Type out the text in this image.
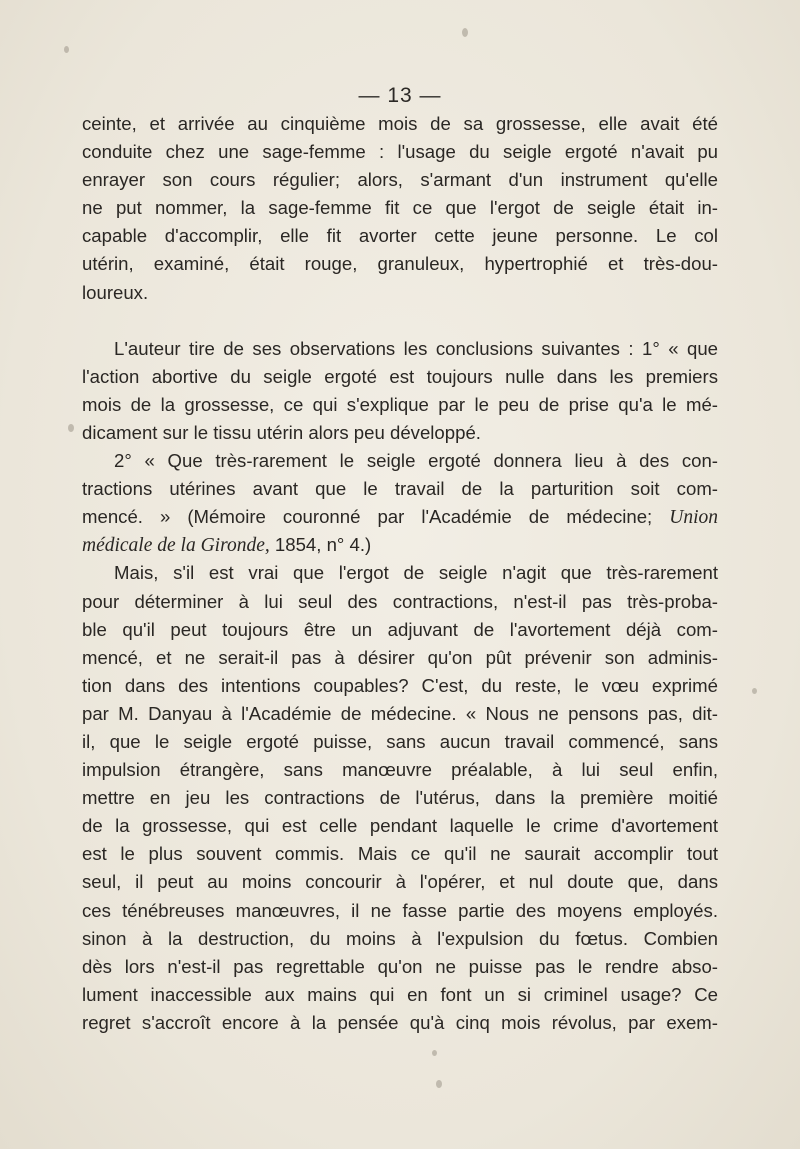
— 13 —
ceinte, et arrivée au cinquième mois de sa grossesse, elle avait été
conduite chez une sage-femme : l'usage du seigle ergoté n'avait pu
enrayer son cours régulier; alors, s'armant d'un instrument qu'elle
ne put nommer, la sage-femme fit ce que l'ergot de seigle était in-
capable d'accomplir, elle fit avorter cette jeune personne. Le col
utérin, examiné, était rouge, granuleux, hypertrophié et très-dou-
loureux.
L'auteur tire de ses observations les conclusions suivantes : 1° « que
l'action abortive du seigle ergoté est toujours nulle dans les premiers
mois de la grossesse, ce qui s'explique par le peu de prise qu'a le mé-
dicament sur le tissu utérin alors peu développé.
2° « Que très-rarement le seigle ergoté donnera lieu à des con-
tractions utérines avant que le travail de la parturition soit com-
mencé. » (Mémoire couronné par l'Académie de médecine; Union
médicale de la Gironde, 1854, n° 4.)
Mais, s'il est vrai que l'ergot de seigle n'agit que très-rarement
pour déterminer à lui seul des contractions, n'est-il pas très-proba-
ble qu'il peut toujours être un adjuvant de l'avortement déjà com-
mencé, et ne serait-il pas à désirer qu'on pût prévenir son adminis-
tion dans des intentions coupables? C'est, du reste, le vœu exprimé
par M. Danyau à l'Académie de médecine. « Nous ne pensons pas, dit-
il, que le seigle ergoté puisse, sans aucun travail commencé, sans
impulsion étrangère, sans manœuvre préalable, à lui seul enfin,
mettre en jeu les contractions de l'utérus, dans la première moitié
de la grossesse, qui est celle pendant laquelle le crime d'avortement
est le plus souvent commis. Mais ce qu'il ne saurait accomplir tout
seul, il peut au moins concourir à l'opérer, et nul doute que, dans
ces ténébreuses manœuvres, il ne fasse partie des moyens employés.
sinon à la destruction, du moins à l'expulsion du fœtus. Combien
dès lors n'est-il pas regrettable qu'on ne puisse pas le rendre abso-
lument inaccessible aux mains qui en font un si criminel usage? Ce
regret s'accroît encore à la pensée qu'à cinq mois révolus, par exem-
